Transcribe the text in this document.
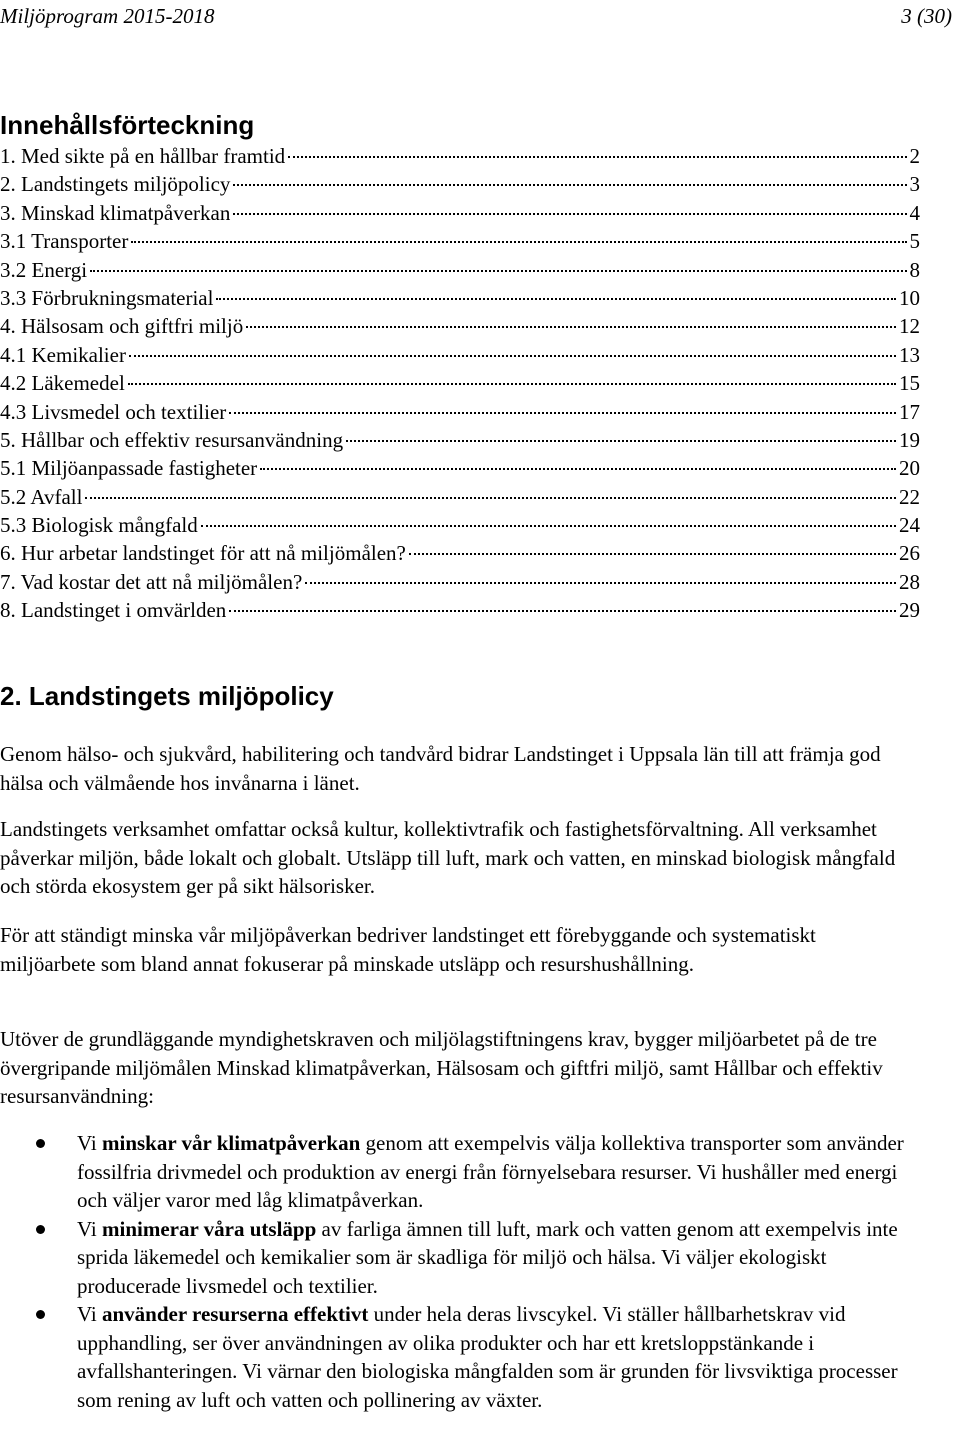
Miljöprogram 2015-2018	3 (30)
Innehållsförteckning
1. Med sikte på en hållbar framtid	2
2. Landstingets miljöpolicy	3
3. Minskad klimatpåverkan	4
3.1 Transporter	5
3.2 Energi	8
3.3 Förbrukningsmaterial	10
4. Hälsosam och giftfri miljö	12
4.1 Kemikalier	13
4.2 Läkemedel	15
4.3 Livsmedel och textilier	17
5. Hållbar och effektiv resursanvändning	19
5.1 Miljöanpassade fastigheter	20
5.2 Avfall	22
5.3 Biologisk mångfald	24
6. Hur arbetar landstinget för att nå miljömålen?	26
7. Vad kostar det att nå miljömålen?	28
8. Landstinget i omvärlden	29
2. Landstingets miljöpolicy

Genom hälso- och sjukvård, habilitering och tandvård bidrar Landstinget i Uppsala län till att främja god hälsa och välmående hos invånarna i länet.

Landstingets verksamhet omfattar också kultur, kollektivtrafik och fastighetsförvaltning. All verksamhet påverkar miljön, både lokalt och globalt. Utsläpp till luft, mark och vatten, en minskad biologisk mångfald och störda ekosystem ger på sikt hälsorisker.

För att ständigt minska vår miljöpåverkan bedriver landstinget ett förebyggande och systematiskt miljöarbete som bland annat fokuserar på minskade utsläpp och resurshushållning.

Utöver de grundläggande myndighetskraven och miljölagstiftningens krav, bygger miljöarbetet på de tre övergripande miljömålen Minskad klimatpåverkan, Hälsosam och giftfri miljö, samt Hållbar och effektiv resursanvändning:

Vi minskar vår klimatpåverkan genom att exempelvis välja kollektiva transporter som använder fossilfria drivmedel och produktion av energi från förnyelsebara resurser. Vi hushåller med energi och väljer varor med låg klimatpåverkan.
Vi minimerar våra utsläpp av farliga ämnen till luft, mark och vatten genom att exempelvis inte sprida läkemedel och kemikalier som är skadliga för miljö och hälsa. Vi väljer ekologiskt producerade livsmedel och textilier.
Vi använder resurserna effektivt under hela deras livscykel. Vi ställer hållbarhetskrav vid upphandling, ser över användningen av olika produkter och har ett kretsloppstänkande i avfallshanteringen. Vi värnar den biologiska mångfalden som är grunden för livsviktiga processer som rening av luft och vatten och pollinering av växter.
